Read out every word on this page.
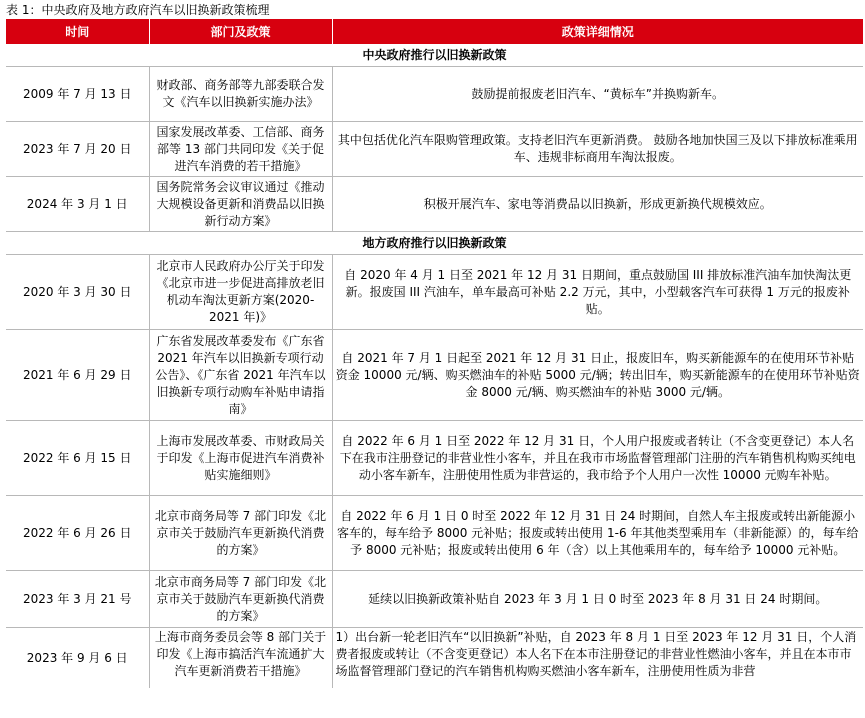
表 1：中央政府及地方政府汽车以旧换新政策梳理
时间	部门及政策	政策详细情况
中央政府推行以旧换新政策		
2009 年 7 月 13 日	财政部、商务部等九部委联合发文《汽车以旧换新实施办法》	鼓励提前报废老旧汽车、“黄标车”并换购新车。
2023 年 7 月 20 日	国家发展改革委、工信部、商务部等 13 部门共同印发《关于促进汽车消费的若干措施》	其中包括优化汽车限购管理政策。支持老旧汽车更新消费。 鼓励各地加快国三及以下排放标准乘用车、违规非标商用车淘汰报废。
2024 年 3 月 1 日	国务院常务会议审议通过《推动大规模设备更新和消费品以旧换新行动方案》	积极开展汽车、家电等消费品以旧换新，形成更新换代规模效应。
地方政府推行以旧换新政策		
2020 年 3 月 30 日	北京市人民政府办公厅关于印发《北京市进一步促进高排放老旧机动车淘汰更新方案(2020-2021 年)》	自 2020 年 4 月 1 日至 2021 年 12 月 31 日期间，重点鼓励国 III 排放标准汽油车加快淘汰更新。报废国 III 汽油车，单车最高可补贴 2.2 万元，其中，小型载客汽车可获得 1 万元的报废补贴。
2021 年 6 月 29 日	广东省发展改革委发布《广东省 2021 年汽车以旧换新专项行动公告》、《广东省 2021 年汽车以旧换新专项行动购车补贴申请指南》	自 2021 年 7 月 1 日起至 2021 年 12 月 31 日止，报废旧车，购买新能源车的在使用环节补贴资金 10000 元/辆、购买燃油车的补贴 5000 元/辆；转出旧车，购买新能源车的在使用环节补贴资金 8000 元/辆、购买燃油车的补贴 3000 元/辆。
2022 年 6 月 15 日	上海市发展改革委、市财政局关于印发《上海市促进汽车消费补贴实施细则》	自 2022 年 6 月 1 日至 2022 年 12 月 31 日，个人用户报废或者转让（不含变更登记）本人名下在我市注册登记的非营业性小客车，并且在我市市场监督管理部门注册的汽车销售机构购买纯电动小客车新车，注册使用性质为非营运的，我市给予个人用户一次性 10000 元购车补贴。
2022 年 6 月 26 日	北京市商务局等 7 部门印发《北京市关于鼓励汽车更新换代消费的方案》	自 2022 年 6 月 1 日 0 时至 2022 年 12 月 31 日 24 时期间，自然人车主报废或转出新能源小客车的，每车给予 8000 元补贴；报废或转出使用 1-6 年其他类型乘用车（非新能源）的，每车给予 8000 元补贴；报废或转出使用 6 年（含）以上其他乘用车的，每车给予 10000 元补贴。
2023 年 3 月 21 号	北京市商务局等 7 部门印发《北京市关于鼓励汽车更新换代消费的方案》	延续以旧换新政策补贴自 2023 年 3 月 1 日 0 时至 2023 年 8 月 31 日 24 时期间。
2023 年 9 月 6 日	上海市商务委员会等 8 部门关于印发《上海市搞活汽车流通扩大汽车更新消费若干措施》	1）出台新一轮老旧汽车“以旧换新”补贴，自 2023 年 8 月 1 日至 2023 年 12 月 31 日，个人消费者报废或转让（不含变更登记）本人名下在本市注册登记的非营业性燃油小客车，并且在本市市场监督管理部门登记的汽车销售机构购买燃油小客车新车，注册使用性质为非营
